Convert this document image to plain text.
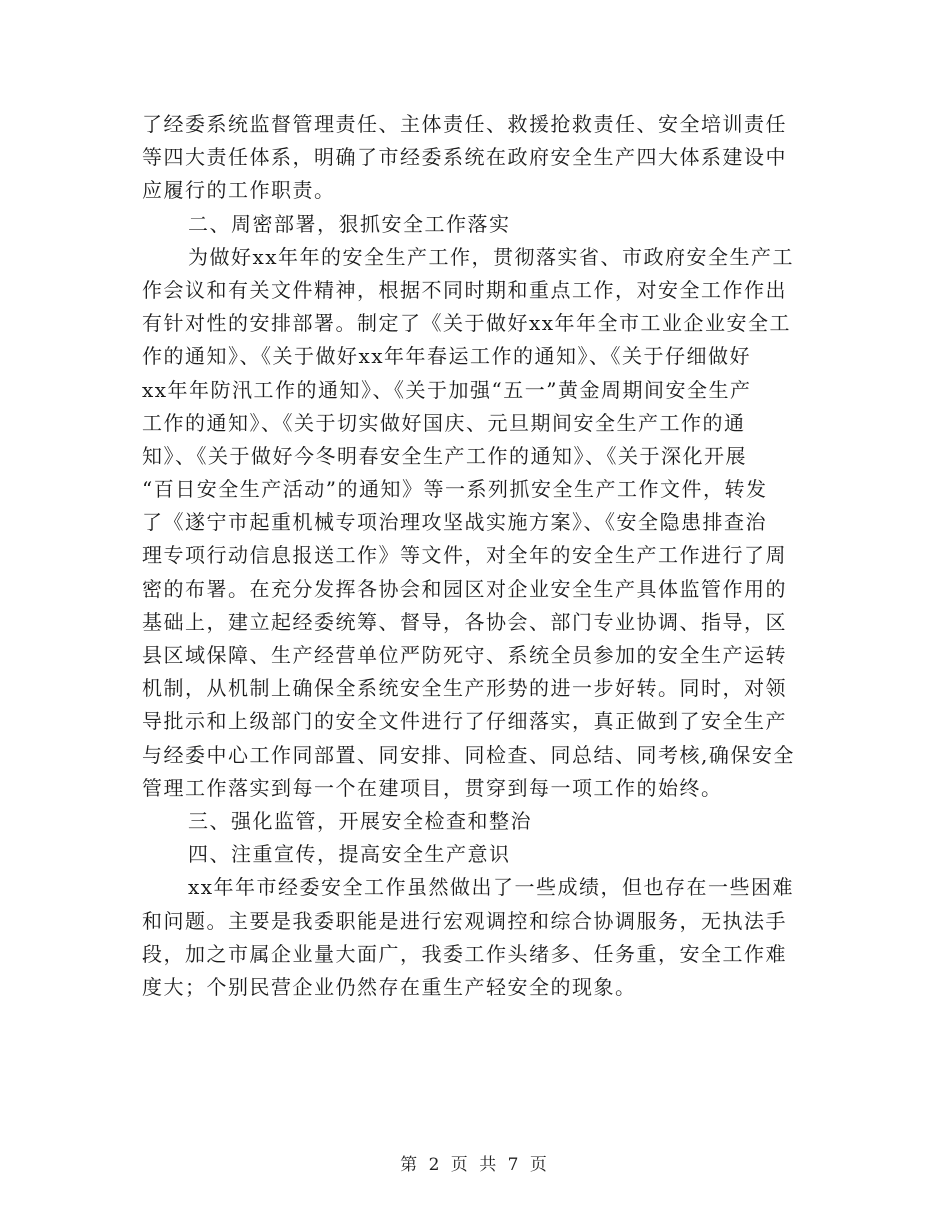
了经委系统监督管理责任、主体责任、救援抢救责任、安全培训责任
等四大责任体系，明确了市经委系统在政府安全生产四大体系建设中
应履行的工作职责。
二、周密部署，狠抓安全工作落实
为做好xx年年的安全生产工作，贯彻落实省、市政府安全生产工
作会议和有关文件精神，根据不同时期和重点工作，对安全工作作出
有针对性的安排部署。制定了《关于做好xx年年全市工业企业安全工
作的通知》、《关于做好xx年年春运工作的通知》、《关于仔细做好
xx年年防汛工作的通知》、《关于加强“五一”黄金周期间安全生产
工作的通知》、《关于切实做好国庆、元旦期间安全生产工作的通
知》、《关于做好今冬明春安全生产工作的通知》、《关于深化开展
“百日安全生产活动”的通知》等一系列抓安全生产工作文件，转发
了《遂宁市起重机械专项治理攻坚战实施方案》、《安全隐患排查治
理专项行动信息报送工作》等文件，对全年的安全生产工作进行了周
密的布署。在充分发挥各协会和园区对企业安全生产具体监管作用的
基础上，建立起经委统筹、督导，各协会、部门专业协调、指导，区
县区域保障、生产经营单位严防死守、系统全员参加的安全生产运转
机制，从机制上确保全系统安全生产形势的进一步好转。同时，对领
导批示和上级部门的安全文件进行了仔细落实，真正做到了安全生产
与经委中心工作同部置、同安排、同检查、同总结、同考核,确保安全
管理工作落实到每一个在建项目，贯穿到每一项工作的始终。
三、强化监管，开展安全检查和整治
四、注重宣传，提高安全生产意识
xx年年市经委安全工作虽然做出了一些成绩，但也存在一些困难
和问题。主要是我委职能是进行宏观调控和综合协调服务，无执法手
段，加之市属企业量大面广，我委工作头绪多、任务重，安全工作难
度大；个别民营企业仍然存在重生产轻安全的现象。
第 2 页 共 7 页
